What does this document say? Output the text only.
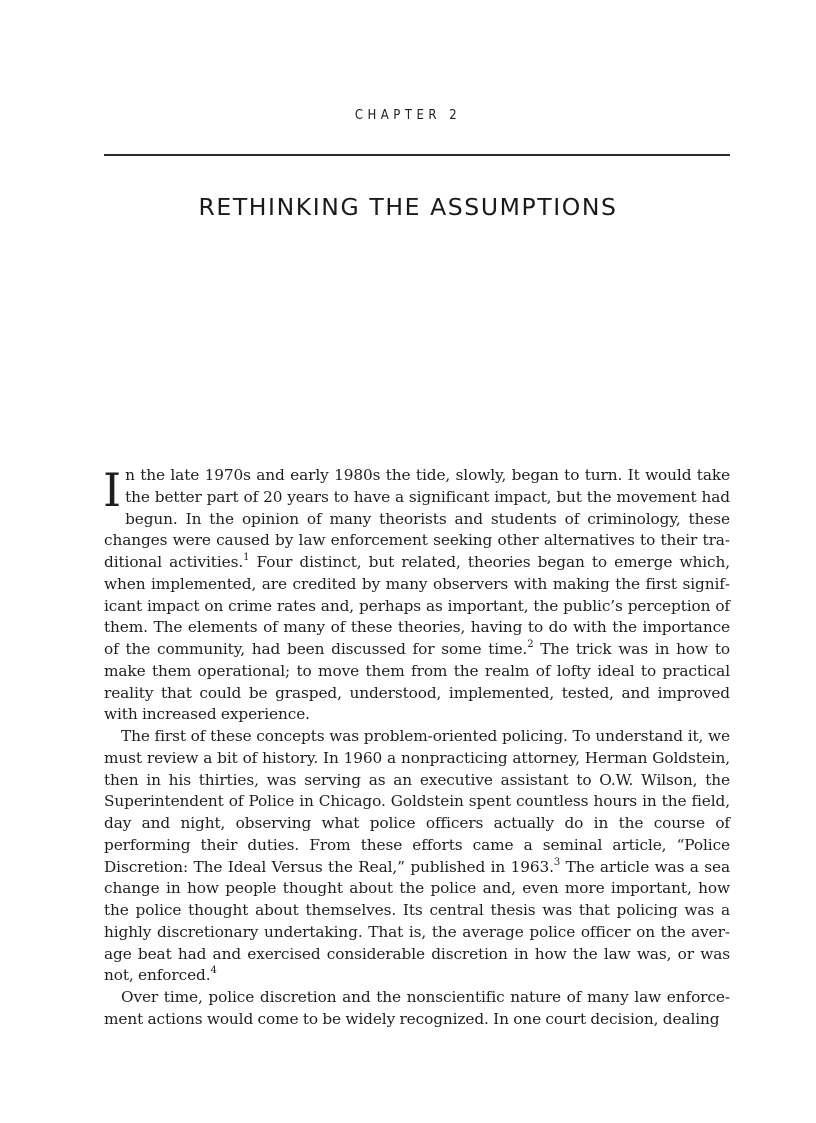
CHAPTER 2
RETHINKING THE ASSUMPTIONS

In the late 1970s and early 1980s the tide, slowly, began to turn. It would take the better part of 20 years to have a significant impact, but the movement had begun. In the opinion of many theorists and students of criminology, these changes were caused by law enforcement seeking other alternatives to their traditional activities.$^1$ Four distinct, but related, theories began to emerge which, when implemented, are credited by many observers with making the first significant impact on crime rates and, perhaps as important, the public’s perception of them. The elements of many of these theories, having to do with the importance of the community, had been discussed for some time.$^2$ The trick was in how to make them operational; to move them from the realm of lofty ideal to practical reality that could be grasped, understood, implemented, tested, and improved with increased experience.

The first of these concepts was problem-oriented policing. To understand it, we must review a bit of history. In 1960 a nonpracticing attorney, Herman Goldstein, then in his thirties, was serving as an executive assistant to O.W. Wilson, the Superintendent of Police in Chicago. Goldstein spent countless hours in the field, day and night, observing what police officers actually do in the course of performing their duties. From these efforts came a seminal article, “Police Discretion: The Ideal Versus the Real,” published in 1963.$^3$ The article was a sea change in how people thought about the police and, even more important, how the police thought about themselves. Its central thesis was that policing was a highly discretionary undertaking. That is, the average police officer on the average beat had and exercised considerable discretion in how the law was, or was not, enforced.$^4$

Over time, police discretion and the nonscientific nature of many law enforcement actions would come to be widely recognized. In one court decision, dealing
